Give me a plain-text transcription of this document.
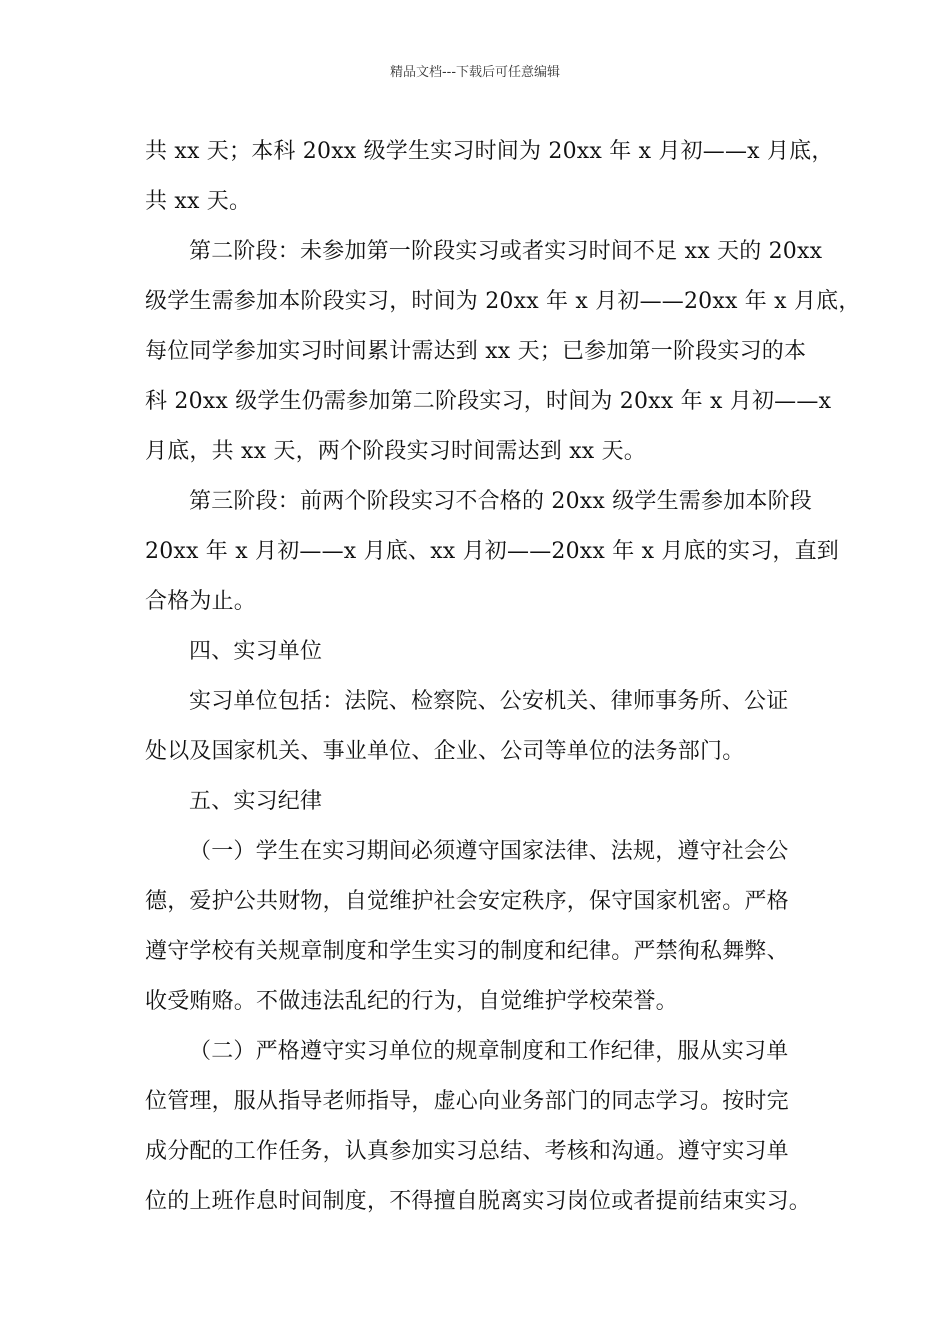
精品文档---下载后可任意编辑
共 xx 天；本科 20xx 级学生实习时间为 20xx 年 x 月初——x 月底，
共 xx 天。
第二阶段：未参加第一阶段实习或者实习时间不足 xx 天的 20xx
级学生需参加本阶段实习，时间为 20xx 年 x 月初——20xx 年 x 月底，
每位同学参加实习时间累计需达到 xx 天；已参加第一阶段实习的本
科 20xx 级学生仍需参加第二阶段实习，时间为 20xx 年 x 月初——x
月底，共 xx 天，两个阶段实习时间需达到 xx 天。
第三阶段：前两个阶段实习不合格的 20xx 级学生需参加本阶段
20xx 年 x 月初——x 月底、xx 月初——20xx 年 x 月底的实习，直到
合格为止。
四、实习单位
实习单位包括：法院、检察院、公安机关、律师事务所、公证
处以及国家机关、事业单位、企业、公司等单位的法务部门。
五、实习纪律
（一）学生在实习期间必须遵守国家法律、法规，遵守社会公
德，爱护公共财物，自觉维护社会安定秩序，保守国家机密。严格
遵守学校有关规章制度和学生实习的制度和纪律。严禁徇私舞弊、
收受贿赂。不做违法乱纪的行为，自觉维护学校荣誉。
（二）严格遵守实习单位的规章制度和工作纪律，服从实习单
位管理，服从指导老师指导，虚心向业务部门的同志学习。按时完
成分配的工作任务，认真参加实习总结、考核和沟通。遵守实习单
位的上班作息时间制度，不得擅自脱离实习岗位或者提前结束实习。
